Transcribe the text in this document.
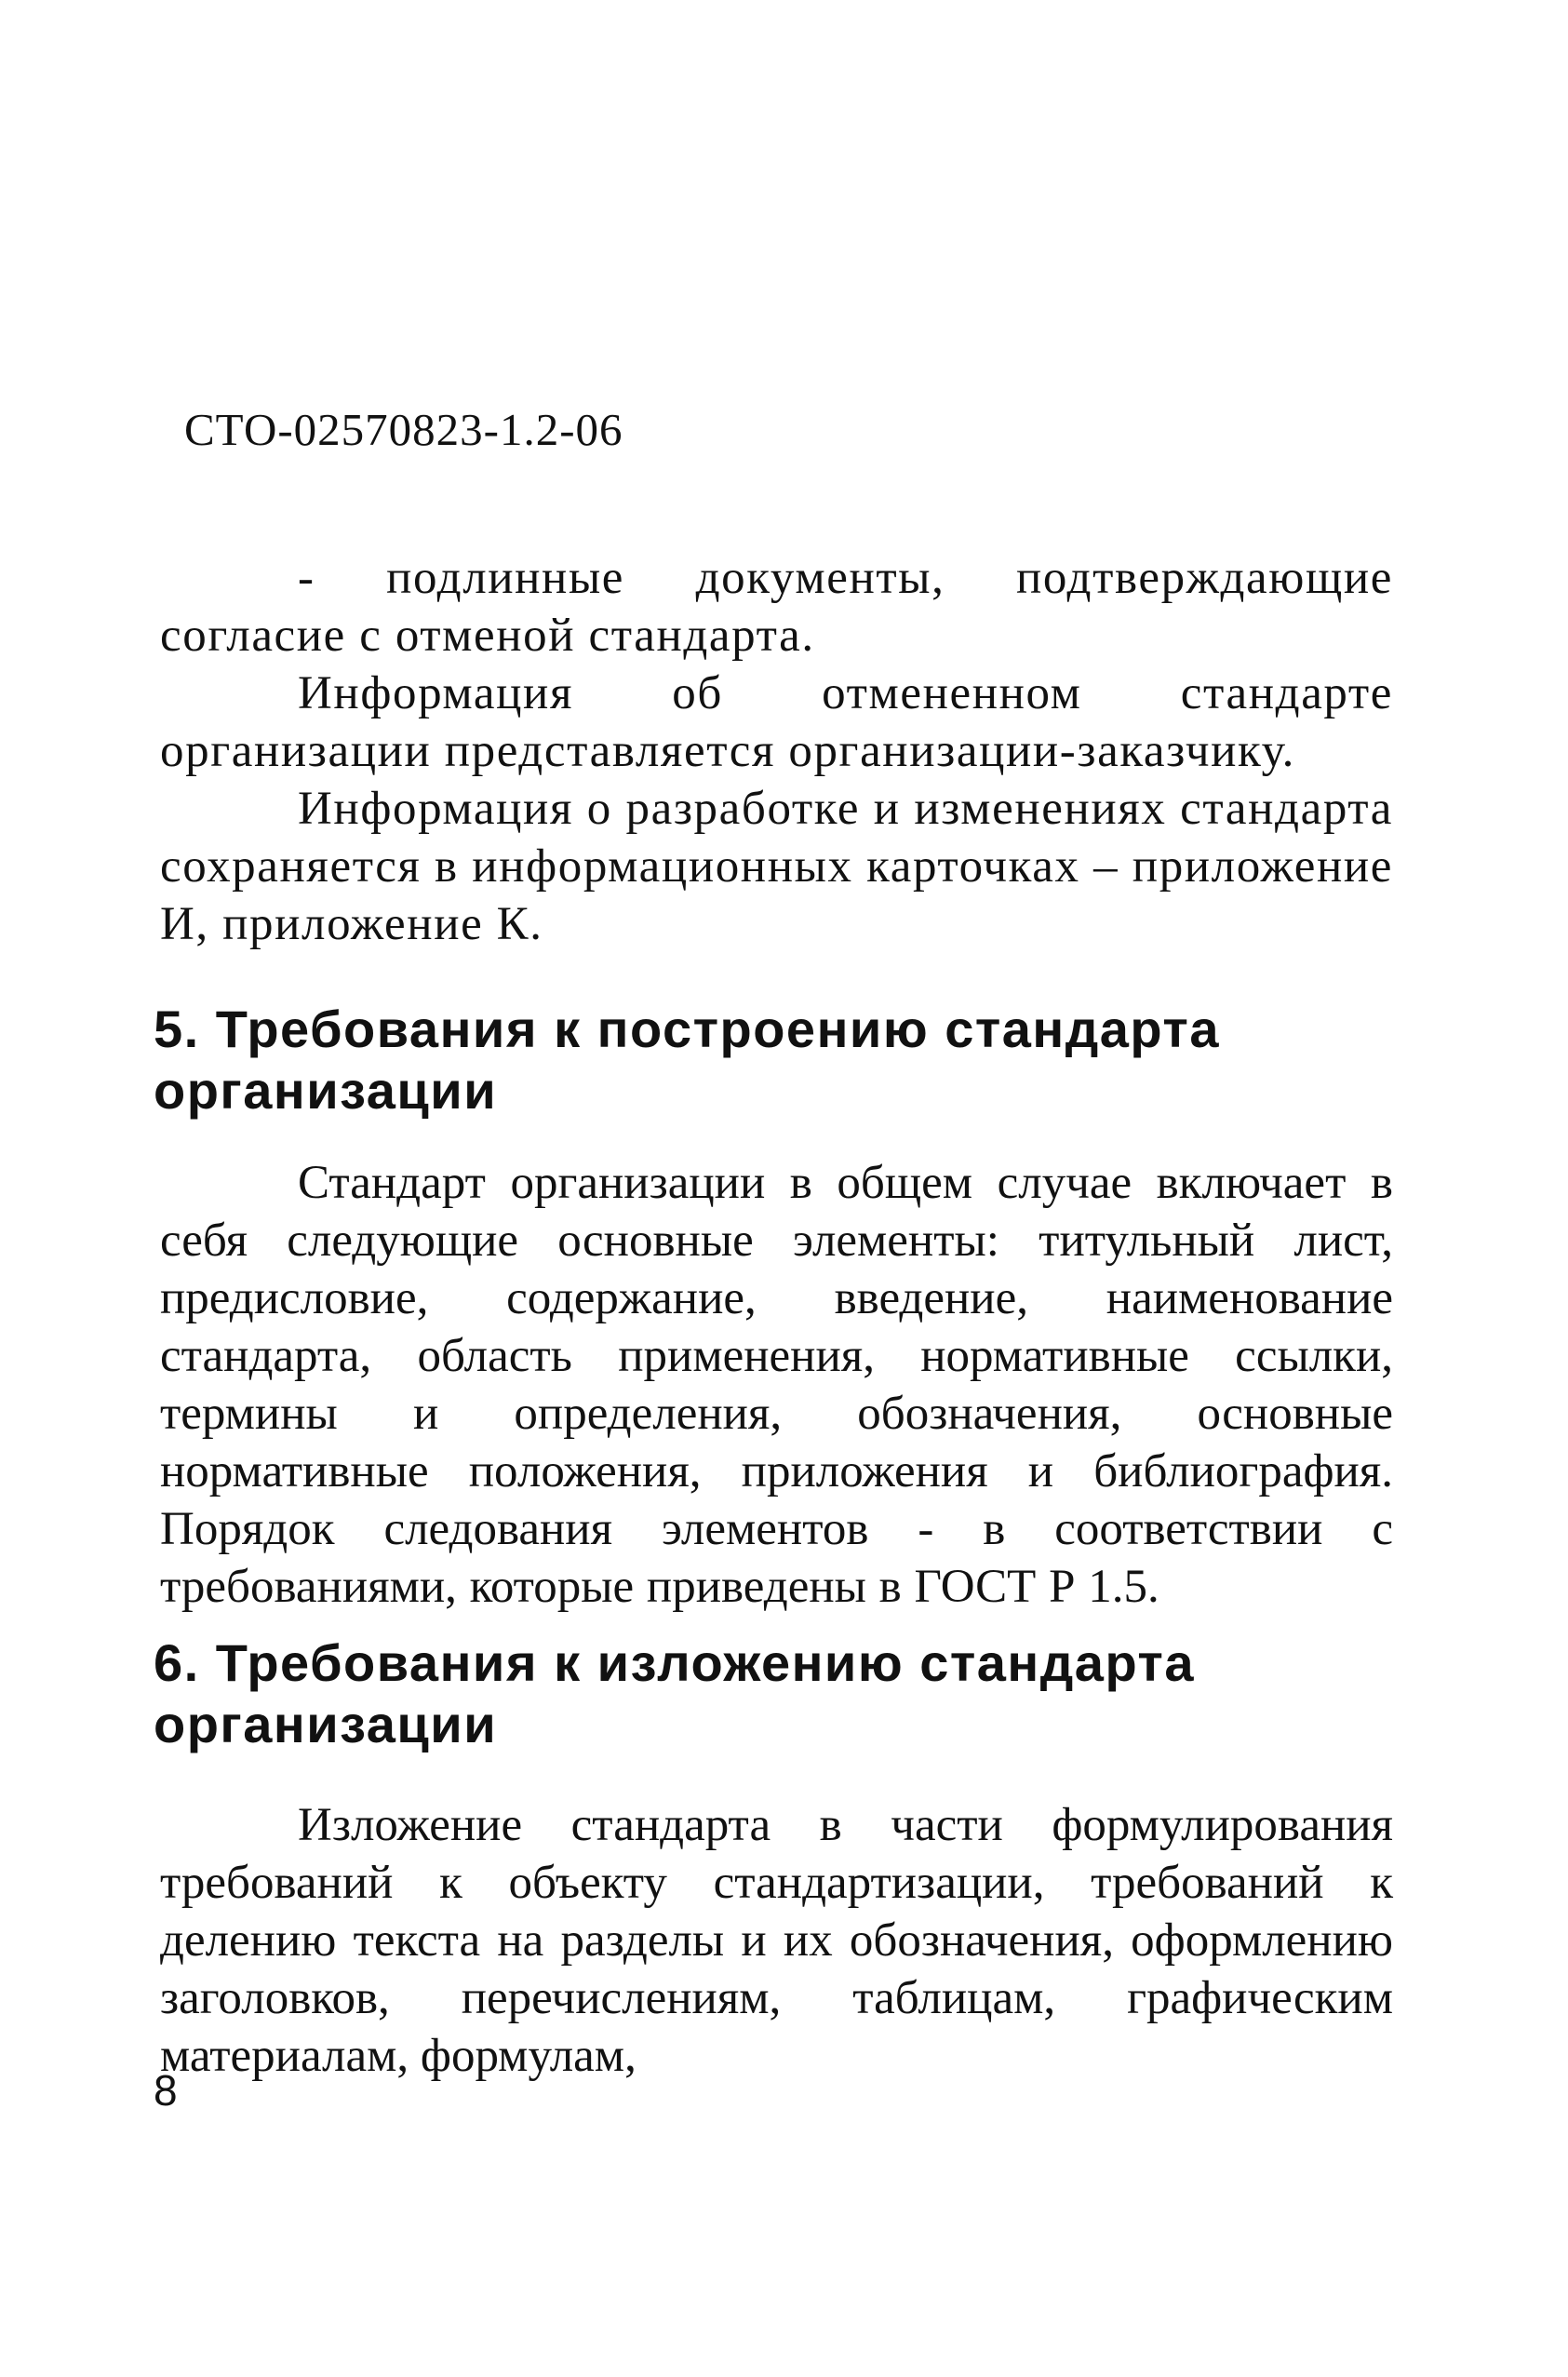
СТО-02570823-1.2-06

- подлинные документы, подтверждающие согласие с отменой стандарта.

Информация об отмененном стандарте организации представляется организации-заказчику.

Информация о разработке и изменениях стандарта сохраняется в информационных карточках – приложение И, приложение К.

5. Требования к построению стандарта организации

Стандарт организации в общем случае включает в себя следующие основные элементы: титульный лист, предисловие, содержание, введение, наименование стандарта, область применения, нормативные ссылки, термины и определения, обозначения, основные нормативные положения, приложения и библиография. Порядок следования элементов - в соответствии с требованиями, которые приведены в ГОСТ Р 1.5.

6. Требования к изложению стандарта организации

Изложение стандарта в части формулирования требований к объекту стандартизации, требований к делению текста на разделы и их обозначения, оформлению заголовков, перечислениям, таблицам, графическим материалам, формулам,

8
